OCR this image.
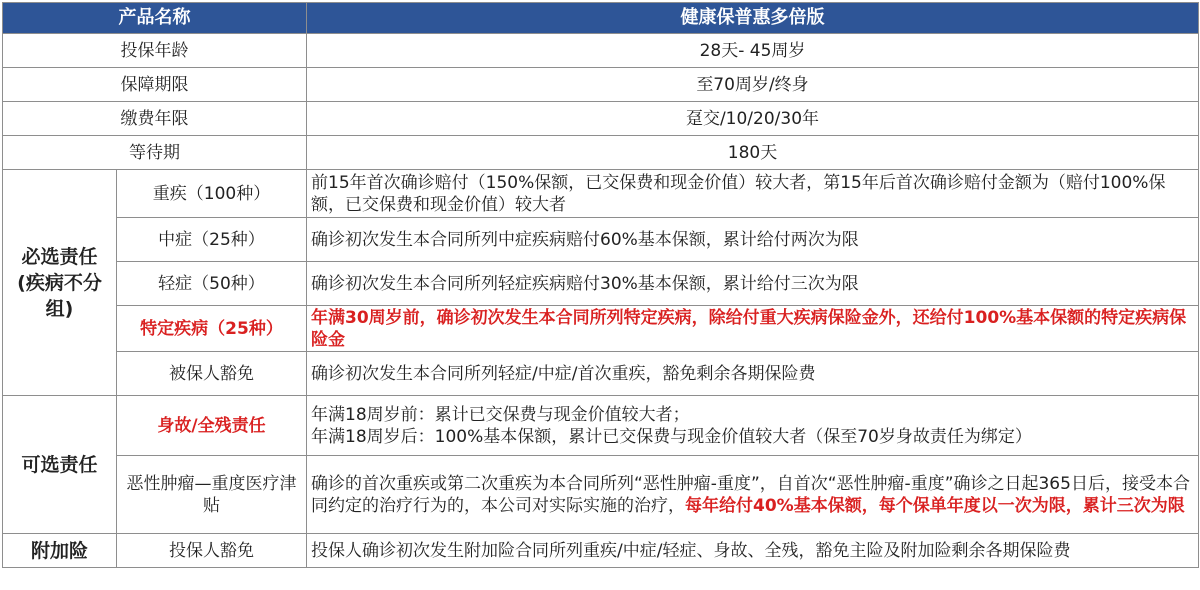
产品名称		健康保普惠多倍版
投保年龄		28天- 45周岁
保障期限		至70周岁/终身
缴费年限		趸交/10/20/30年
等待期		180天
必选责任
(疾病不分
组)	重疾（100种）	前15年首次确诊赔付（150%保额，已交保费和现金价值）较大者，第15年后首次确诊赔付金额为（赔付100%保额，已交保费和现金价值）较大者
	中症（25种）	确诊初次发生本合同所列中症疾病赔付60%基本保额，累计给付两次为限
	轻症（50种）	确诊初次发生本合同所列轻症疾病赔付30%基本保额，累计给付三次为限
	特定疾病（25种）	年满30周岁前，确诊初次发生本合同所列特定疾病，除给付重大疾病保险金外，还给付100%基本保额的特定疾病保险金
	被保人豁免	确诊初次发生本合同所列轻症/中症/首次重疾，豁免剩余各期保险费
可选责任	身故/全残责任	年满18周岁前：累计已交保费与现金价值较大者；
年满18周岁后：100%基本保额，累计已交保费与现金价值较大者（保至70岁身故责任为绑定）

	恶性肿瘤—重度医疗津贴	确诊的首次重疾或第二次重疾为本合同所列“恶性肿瘤-重度”，自首次“恶性肿瘤-重度”确诊之日起365日后，接受本合同约定的治疗行为的，本公司对实际实施的治疗，每年给付40%基本保额，每个保单年度以一次为限，累计三次为限
附加险	投保人豁免	投保人确诊初次发生附加险合同所列重疾/中症/轻症、身故、全残，豁免主险及附加险剩余各期保险费
